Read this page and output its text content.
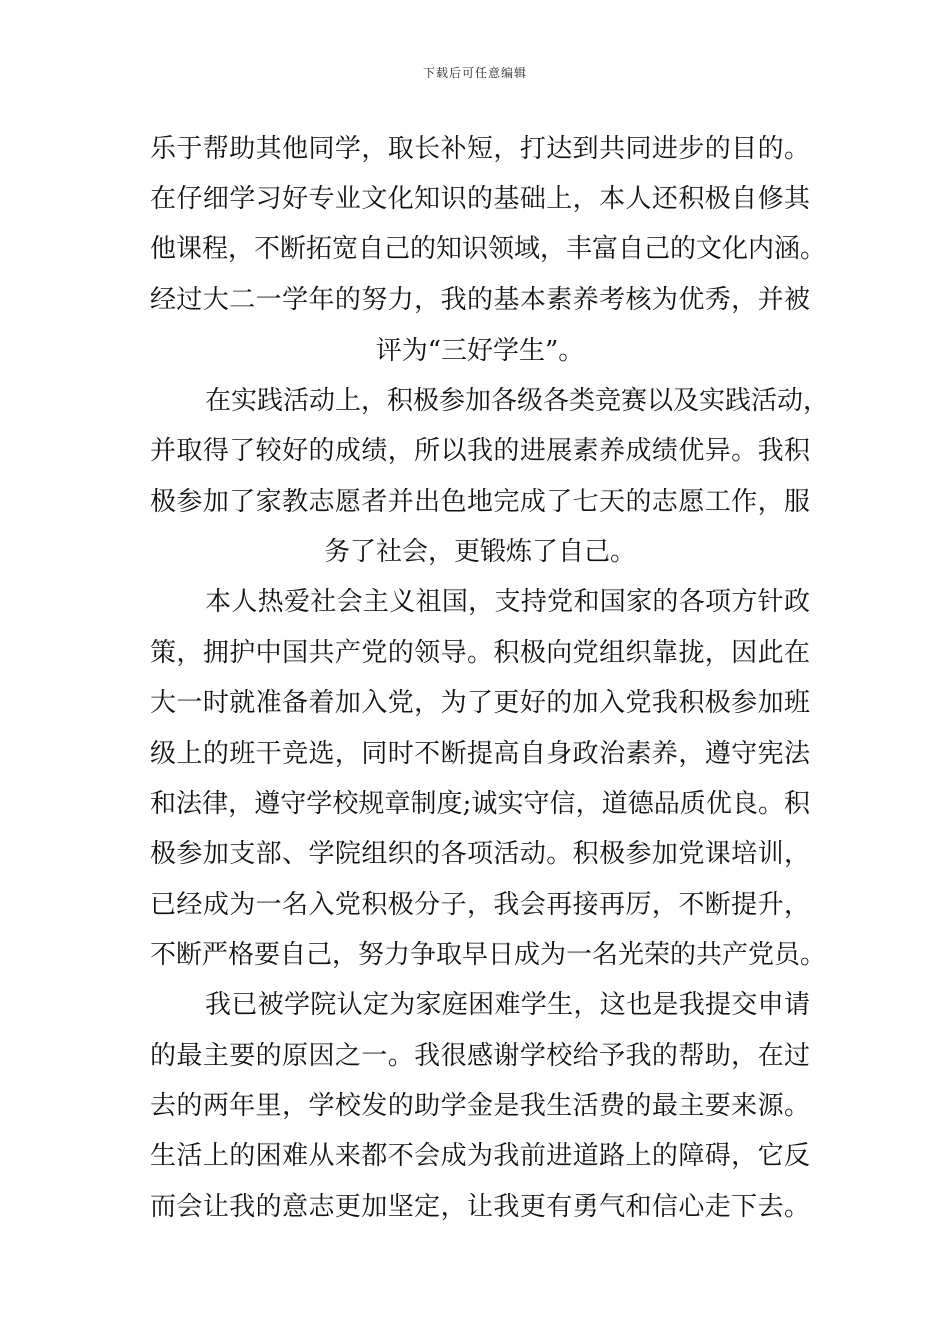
下载后可任意编辑
乐于帮助其他同学，取长补短，打达到共同进步的目的。
在仔细学习好专业文化知识的基础上，本人还积极自修其
他课程，不断拓宽自己的知识领域，丰富自己的文化内涵。
经过大二一学年的努力，我的基本素养考核为优秀，并被
评为“三好学生”。
在实践活动上，积极参加各级各类竞赛以及实践活动，
并取得了较好的成绩，所以我的进展素养成绩优异。我积
极参加了家教志愿者并出色地完成了七天的志愿工作，服
务了社会，更锻炼了自己。
本人热爱社会主义祖国，支持党和国家的各项方针政
策，拥护中国共产党的领导。积极向党组织靠拢，因此在
大一时就准备着加入党，为了更好的加入党我积极参加班
级上的班干竞选，同时不断提高自身政治素养，遵守宪法
和法律，遵守学校规章制度;诚实守信，道德品质优良。积
极参加支部、学院组织的各项活动。积极参加党课培训，
已经成为一名入党积极分子，我会再接再厉，不断提升，
不断严格要自己，努力争取早日成为一名光荣的共产党员。
我已被学院认定为家庭困难学生，这也是我提交申请
的最主要的原因之一。我很感谢学校给予我的帮助，在过
去的两年里，学校发的助学金是我生活费的最主要来源。
生活上的困难从来都不会成为我前进道路上的障碍，它反
而会让我的意志更加坚定，让我更有勇气和信心走下去。
